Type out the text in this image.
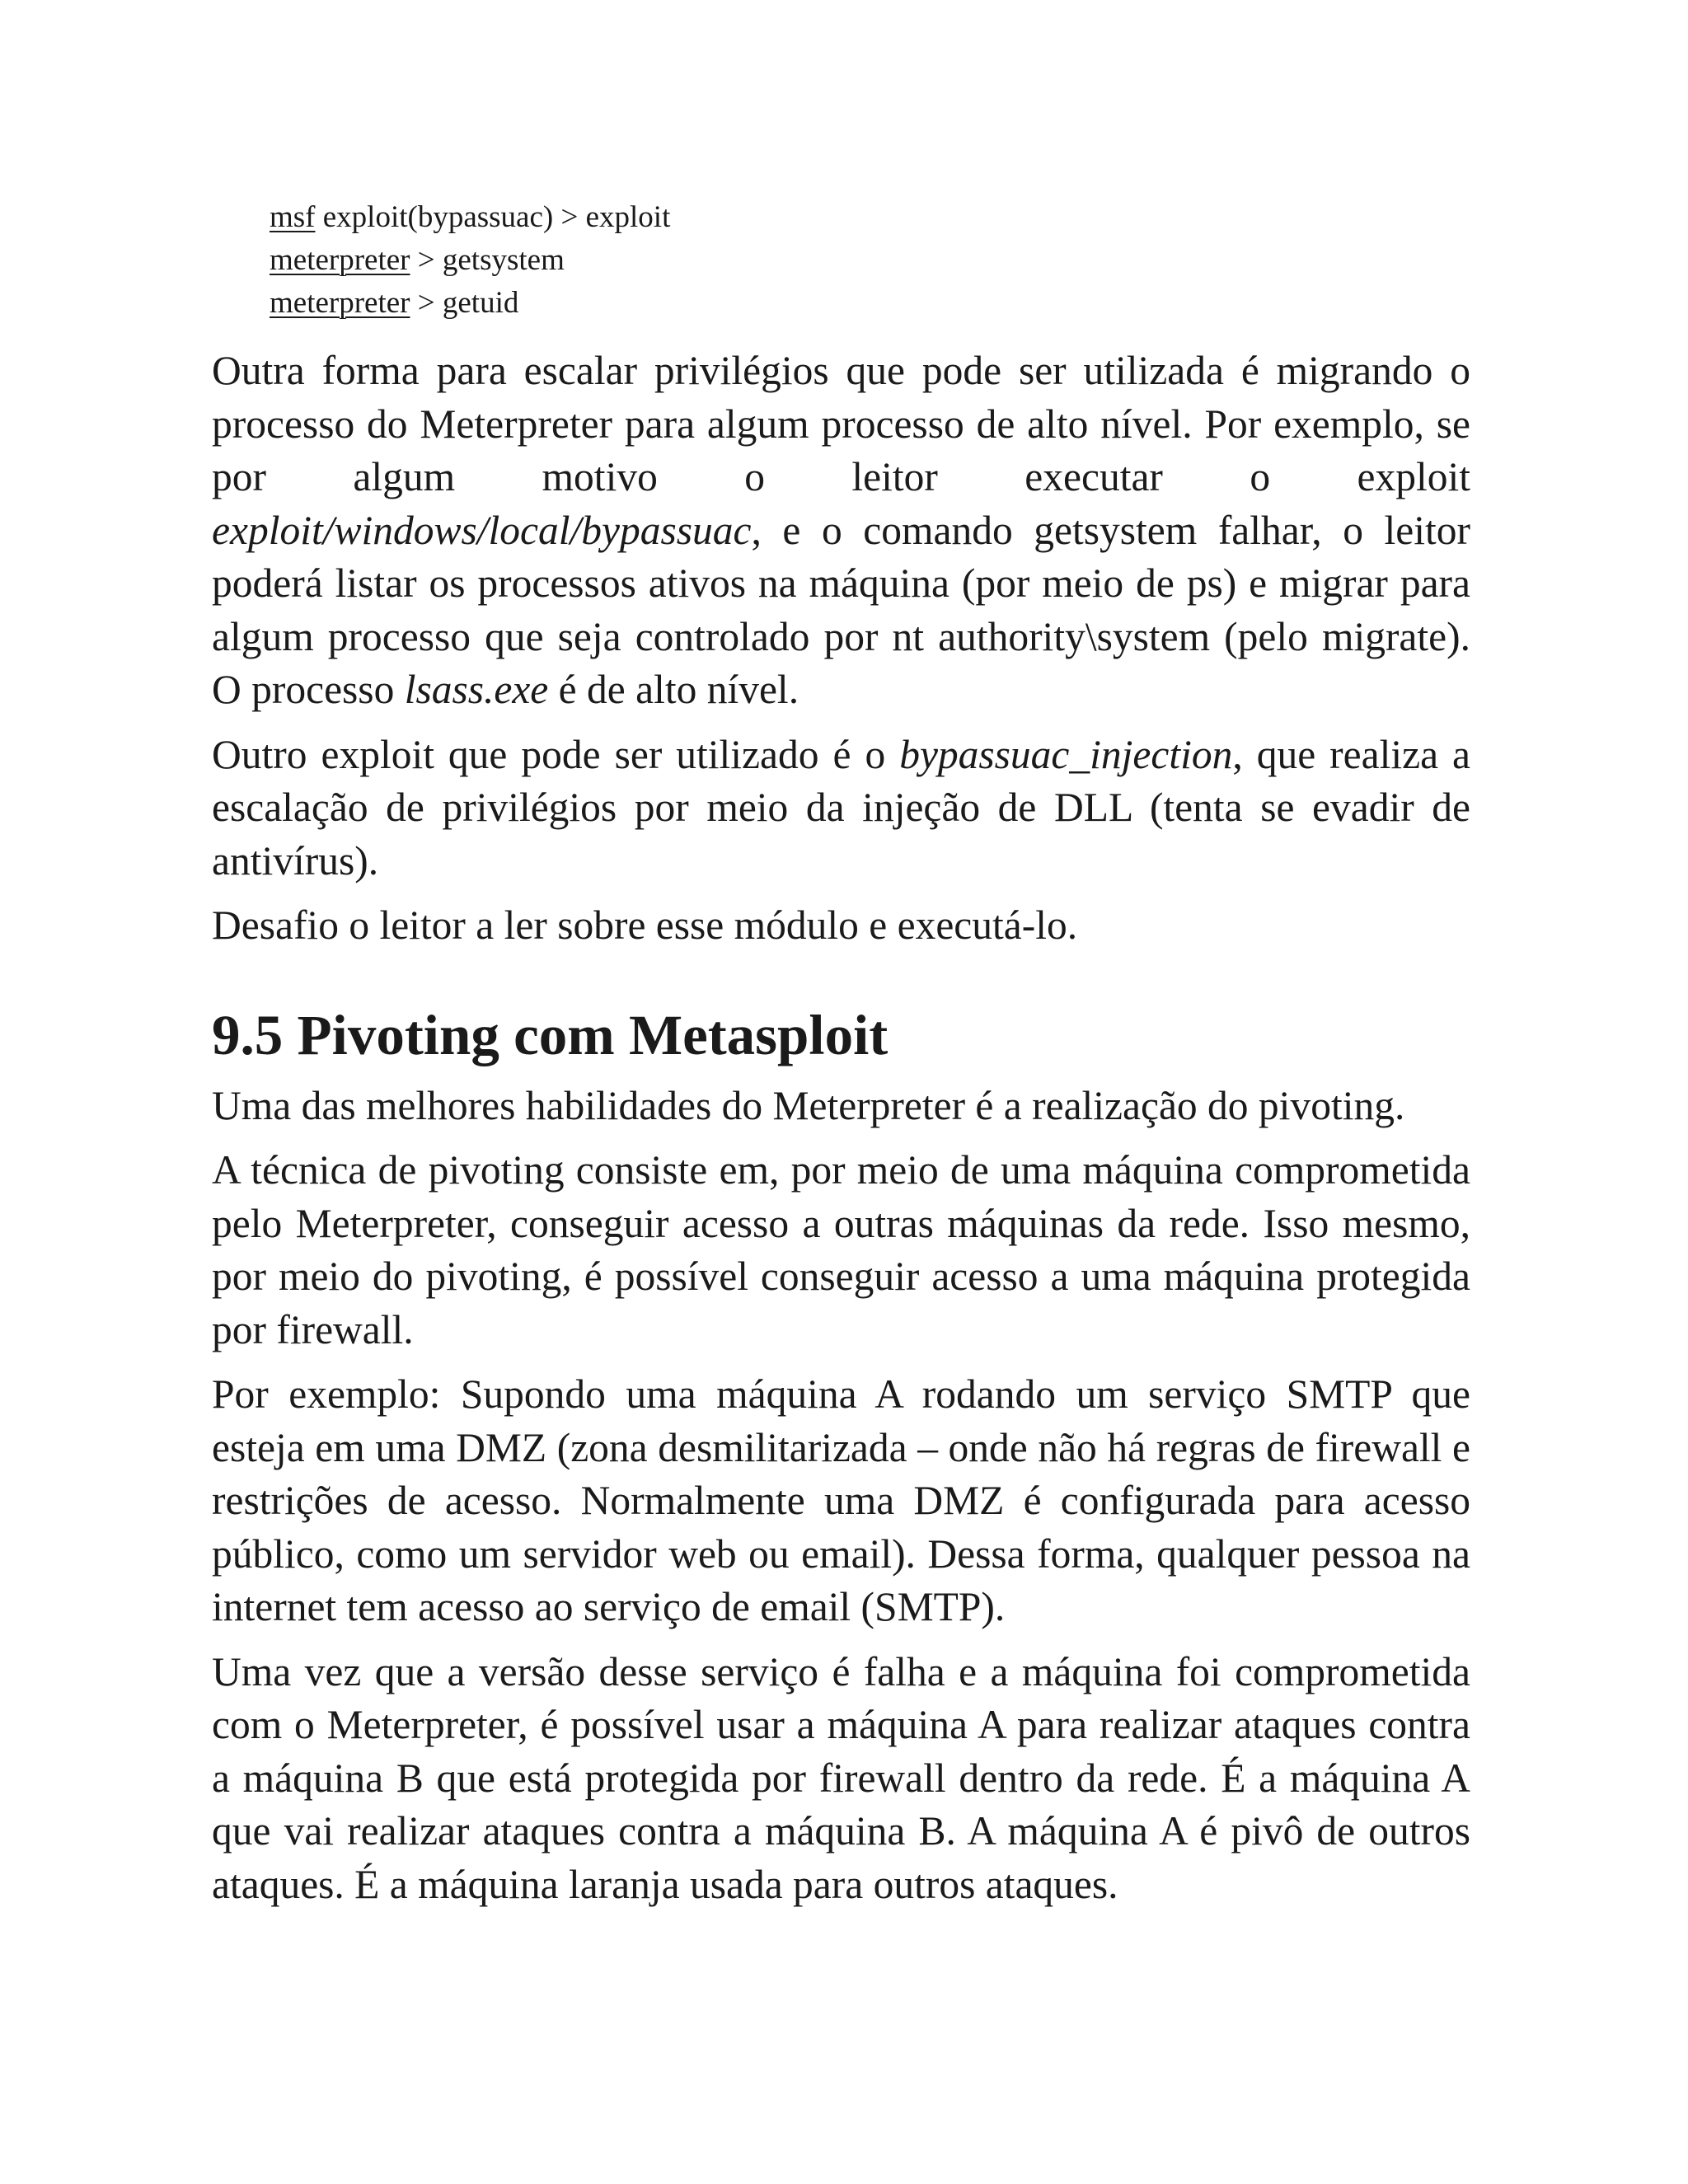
msf exploit(bypassuac) > exploit
meterpreter > getsystem
meterpreter > getuid

Outra forma para escalar privilégios que pode ser utilizada é migrando o processo do Meterpreter para algum processo de alto nível. Por exemplo, se por algum motivo o leitor executar o exploit exploit/windows/local/bypassuac, e o comando getsystem falhar, o leitor poderá listar os processos ativos na máquina (por meio de ps) e migrar para algum processo que seja controlado por nt authority\system (pelo migrate). O processo lsass.exe é de alto nível.

Outro exploit que pode ser utilizado é o bypassuac_injection, que realiza a escalação de privilégios por meio da injeção de DLL (tenta se evadir de antivírus).

Desafio o leitor a ler sobre esse módulo e executá-lo.

9.5 Pivoting com Metasploit

Uma das melhores habilidades do Meterpreter é a realização do pivoting.

A técnica de pivoting consiste em, por meio de uma máquina comprometida pelo Meterpreter, conseguir acesso a outras máquinas da rede. Isso mesmo, por meio do pivoting, é possível conseguir acesso a uma máquina protegida por firewall.

Por exemplo: Supondo uma máquina A rodando um serviço SMTP que esteja em uma DMZ (zona desmilitarizada – onde não há regras de firewall e restrições de acesso. Normalmente uma DMZ é configurada para acesso público, como um servidor web ou email). Dessa forma, qualquer pessoa na internet tem acesso ao serviço de email (SMTP).

Uma vez que a versão desse serviço é falha e a máquina foi comprometida com o Meterpreter, é possível usar a máquina A para realizar ataques contra a máquina B que está protegida por firewall dentro da rede. É a máquina A que vai realizar ataques contra a máquina B. A máquina A é pivô de outros ataques. É a máquina laranja usada para outros ataques.
